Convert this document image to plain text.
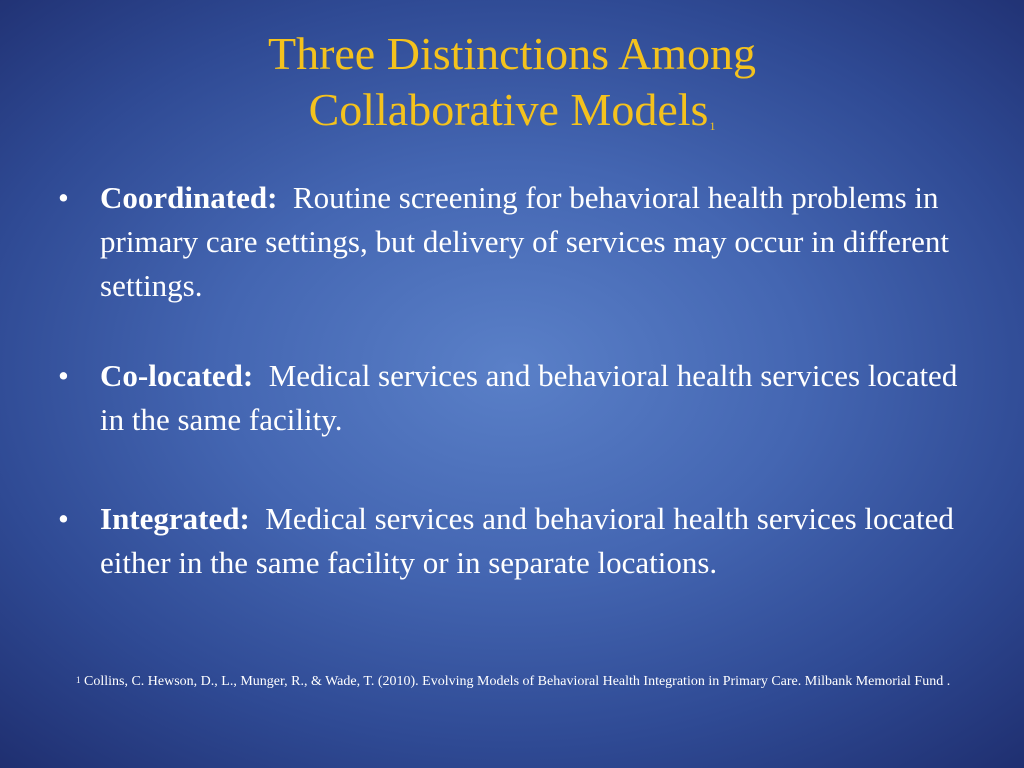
Three Distinctions Among
Collaborative Models$^1$
• Coordinated: Routine screening for behavioral health problems in primary care settings, but delivery of services may occur in different settings.
• Co-located: Medical services and behavioral health services located in the same facility.
• Integrated: Medical services and behavioral health services located either in the same facility or in separate locations.
$^1$ Collins, C. Hewson, D., L., Munger, R., & Wade, T. (2010). Evolving Models of Behavioral Health Integration in Primary Care. Milbank Memorial Fund .
